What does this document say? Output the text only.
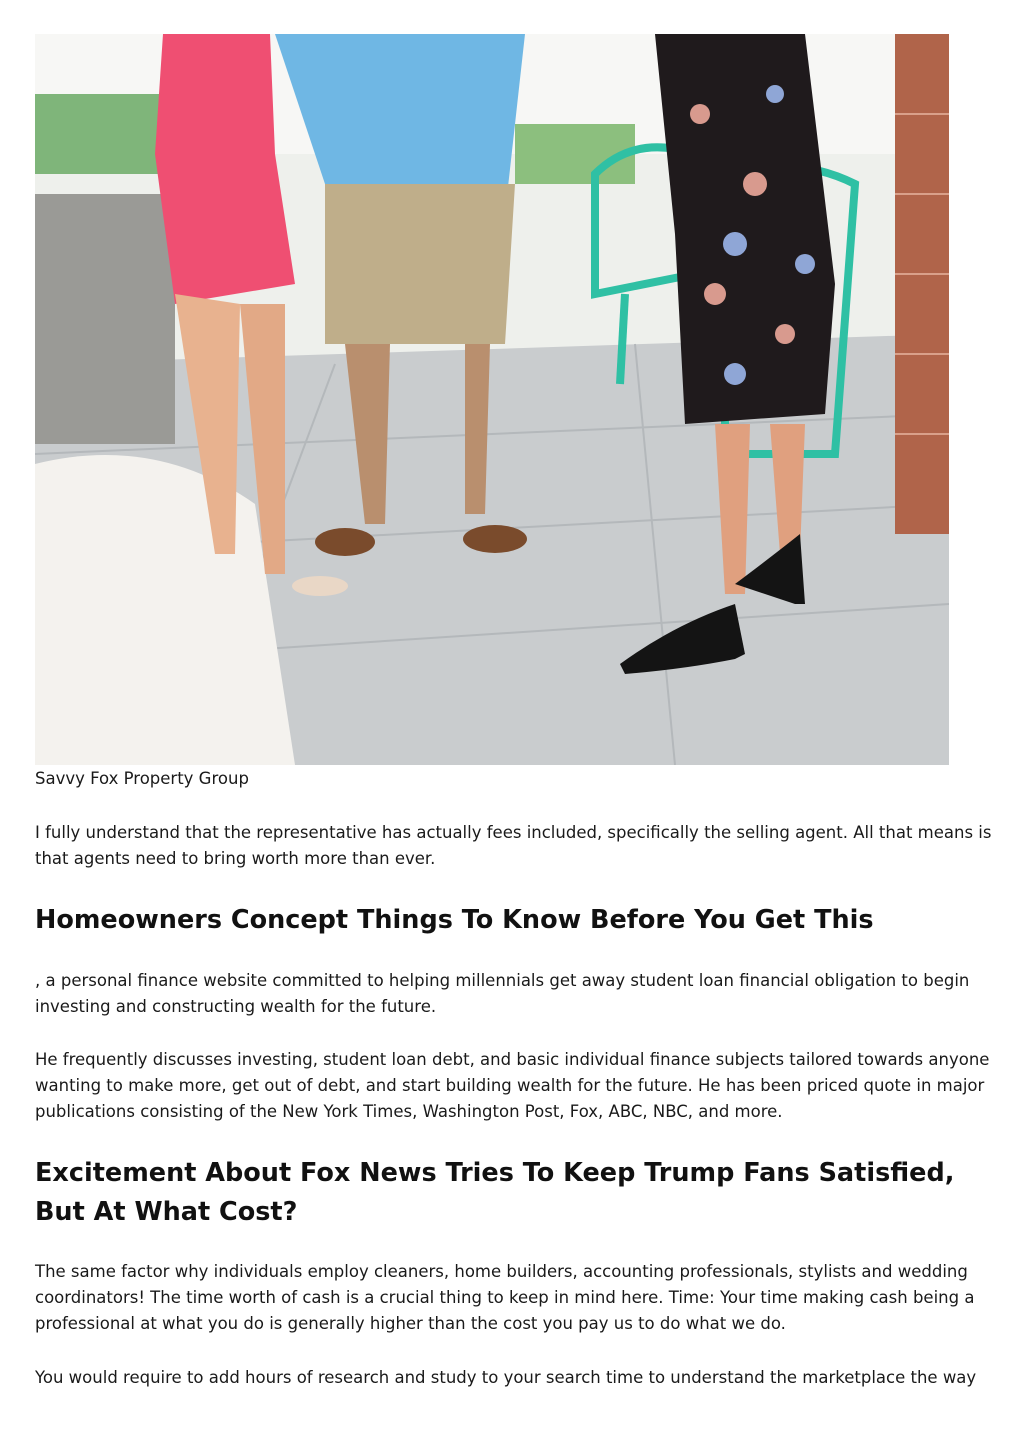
Savvy Fox Property Group

I fully understand that the representative has actually fees included, specifically the selling agent. All that means is that agents need to bring worth more than ever.

Homeowners Concept Things To Know Before You Get This

, a personal finance website committed to helping millennials get away student loan financial obligation to begin investing and constructing wealth for the future.

He frequently discusses investing, student loan debt, and basic individual finance subjects tailored towards anyone wanting to make more, get out of debt, and start building wealth for the future. He has been priced quote in major publications consisting of the New York Times, Washington Post, Fox, ABC, NBC, and more.

Excitement About Fox News Tries To Keep Trump Fans Satisfied, But At What Cost?

The same factor why individuals employ cleaners, home builders, accounting professionals, stylists and wedding coordinators! The time worth of cash is a crucial thing to keep in mind here. Time: Your time making cash being a professional at what you do is generally higher than the cost you pay us to do what we do.

You would require to add hours of research and study to your search time to understand the marketplace the way
